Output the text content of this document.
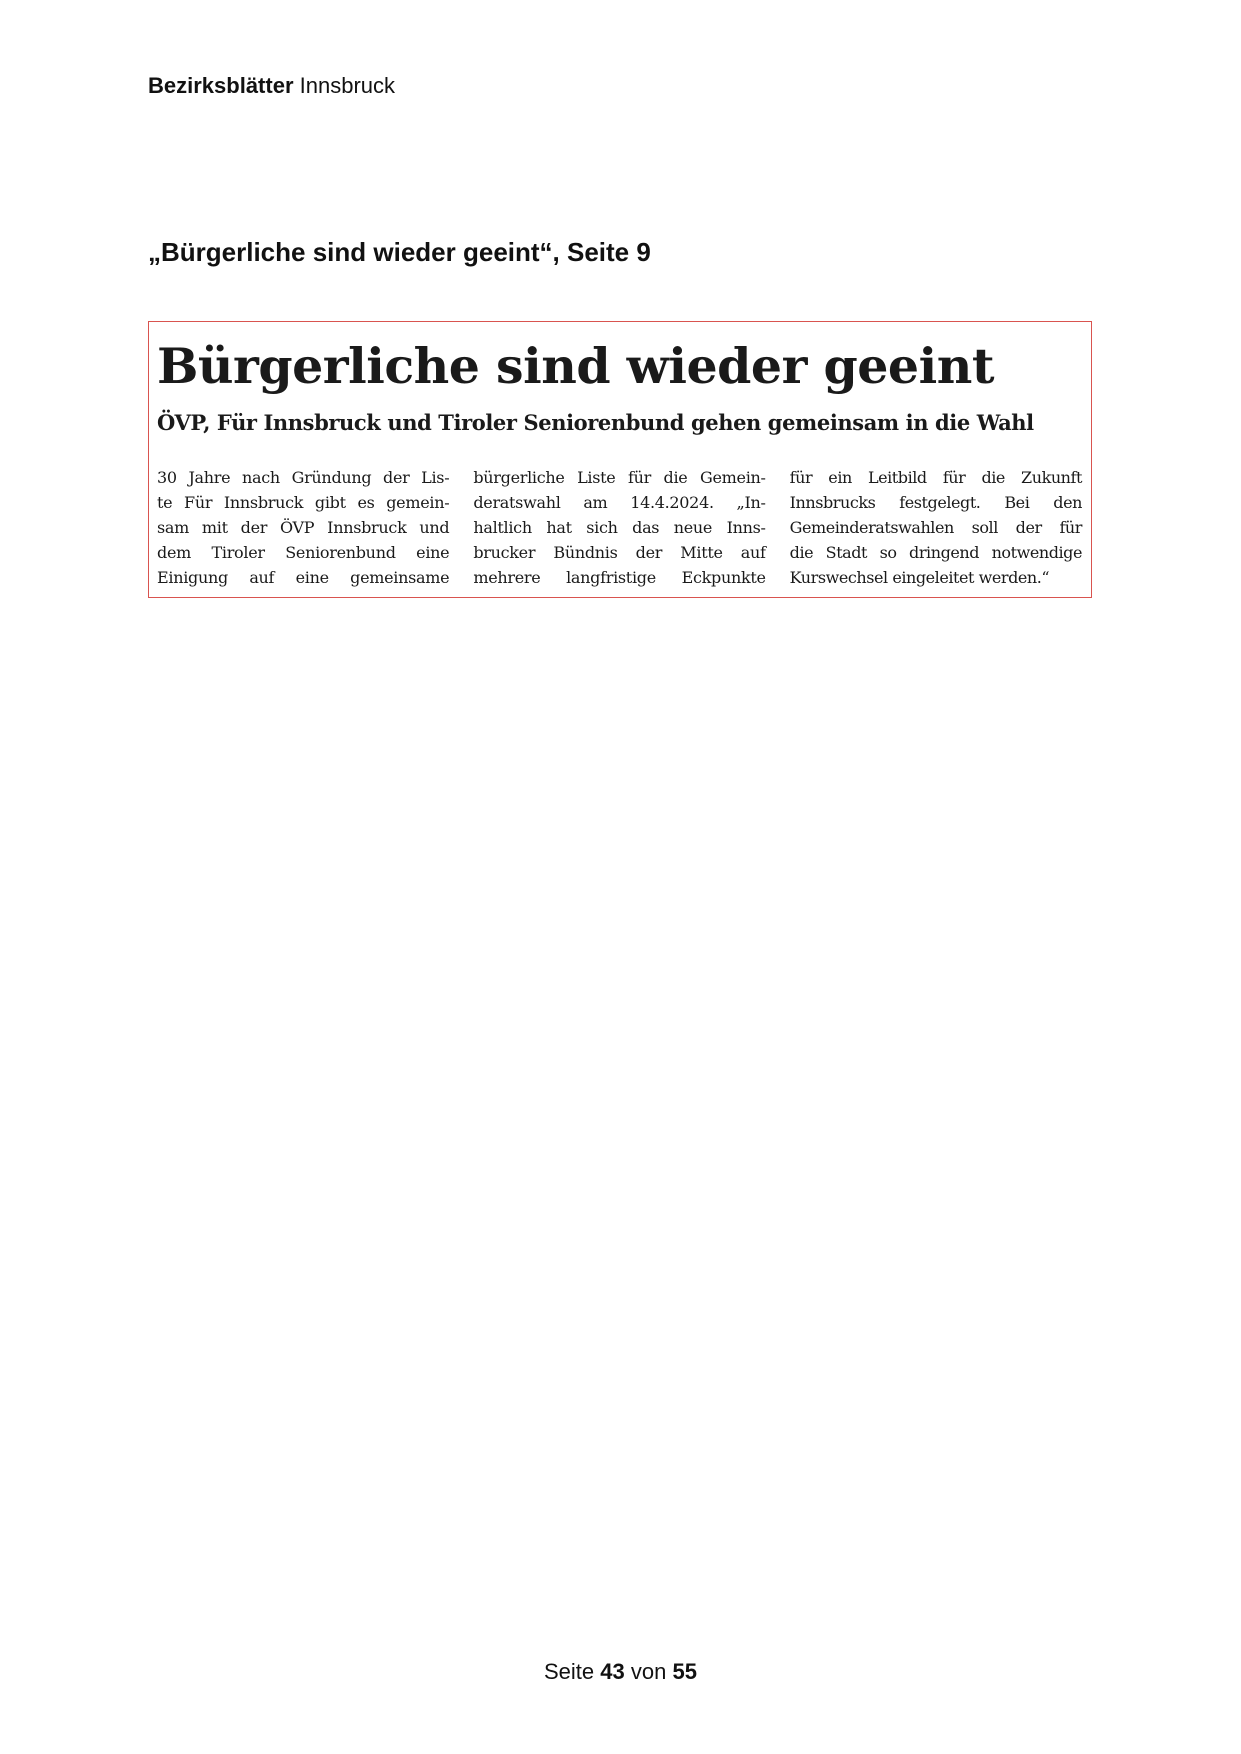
Bezirksblätter Innsbruck
„Bürgerliche sind wieder geeint“, Seite 9
Bürgerliche sind wieder geeint
ÖVP, Für Innsbruck und Tiroler Seniorenbund gehen gemeinsam in die Wahl
30 Jahre nach Gründung der Lis-
te Für Innsbruck gibt es gemein-
sam mit der ÖVP Innsbruck und
dem Tiroler Seniorenbund eine
Einigung auf eine gemeinsame
bürgerliche Liste für die Gemein-
deratswahl am 14.4.2024. „In-
haltlich hat sich das neue Inns-
brucker Bündnis der Mitte auf
mehrere langfristige Eckpunkte
für ein Leitbild für die Zukunft
Innsbrucks festgelegt. Bei den
Gemeinderatswahlen soll der für
die Stadt so dringend notwendige
Kurswechsel eingeleitet werden.“
Seite 43 von 55
